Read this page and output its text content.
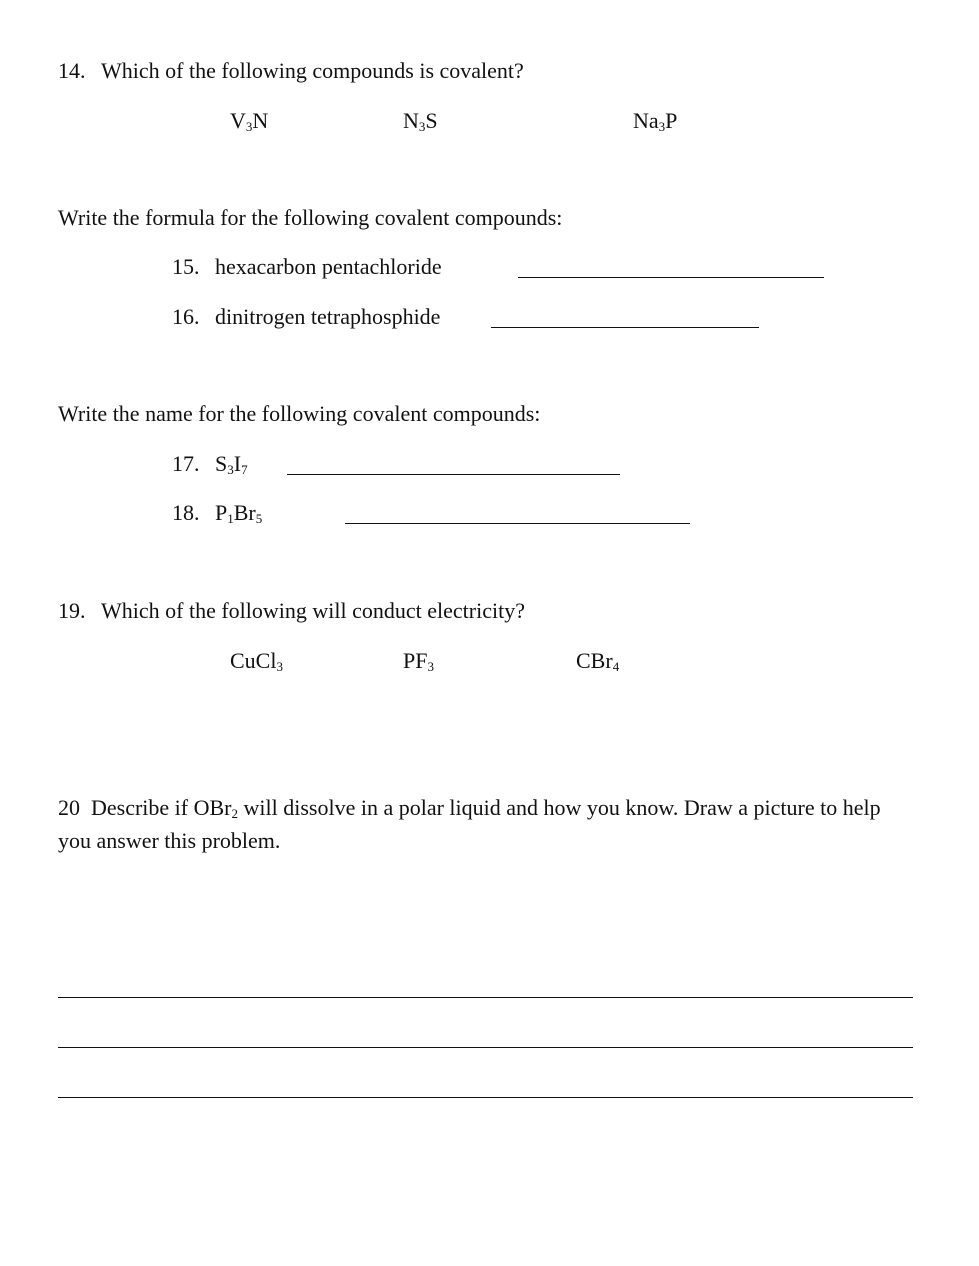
14. Which of the following compounds is covalent?
$V_3N$	$N_3S$	$Na_3P$
Write the formula for the following covalent compounds:
15. hexacarbon pentachloride
16. dinitrogen tetraphosphide
Write the name for the following covalent compounds:
17. $S_3I_7$
18. $P_1Br_5$
19. Which of the following will conduct electricity?
CuCl$_3$	$PF_3$	CBr$_4$
20 Describe if OBr$_2$ will dissolve in a polar liquid and how you know. Draw a picture to help you answer this problem.
